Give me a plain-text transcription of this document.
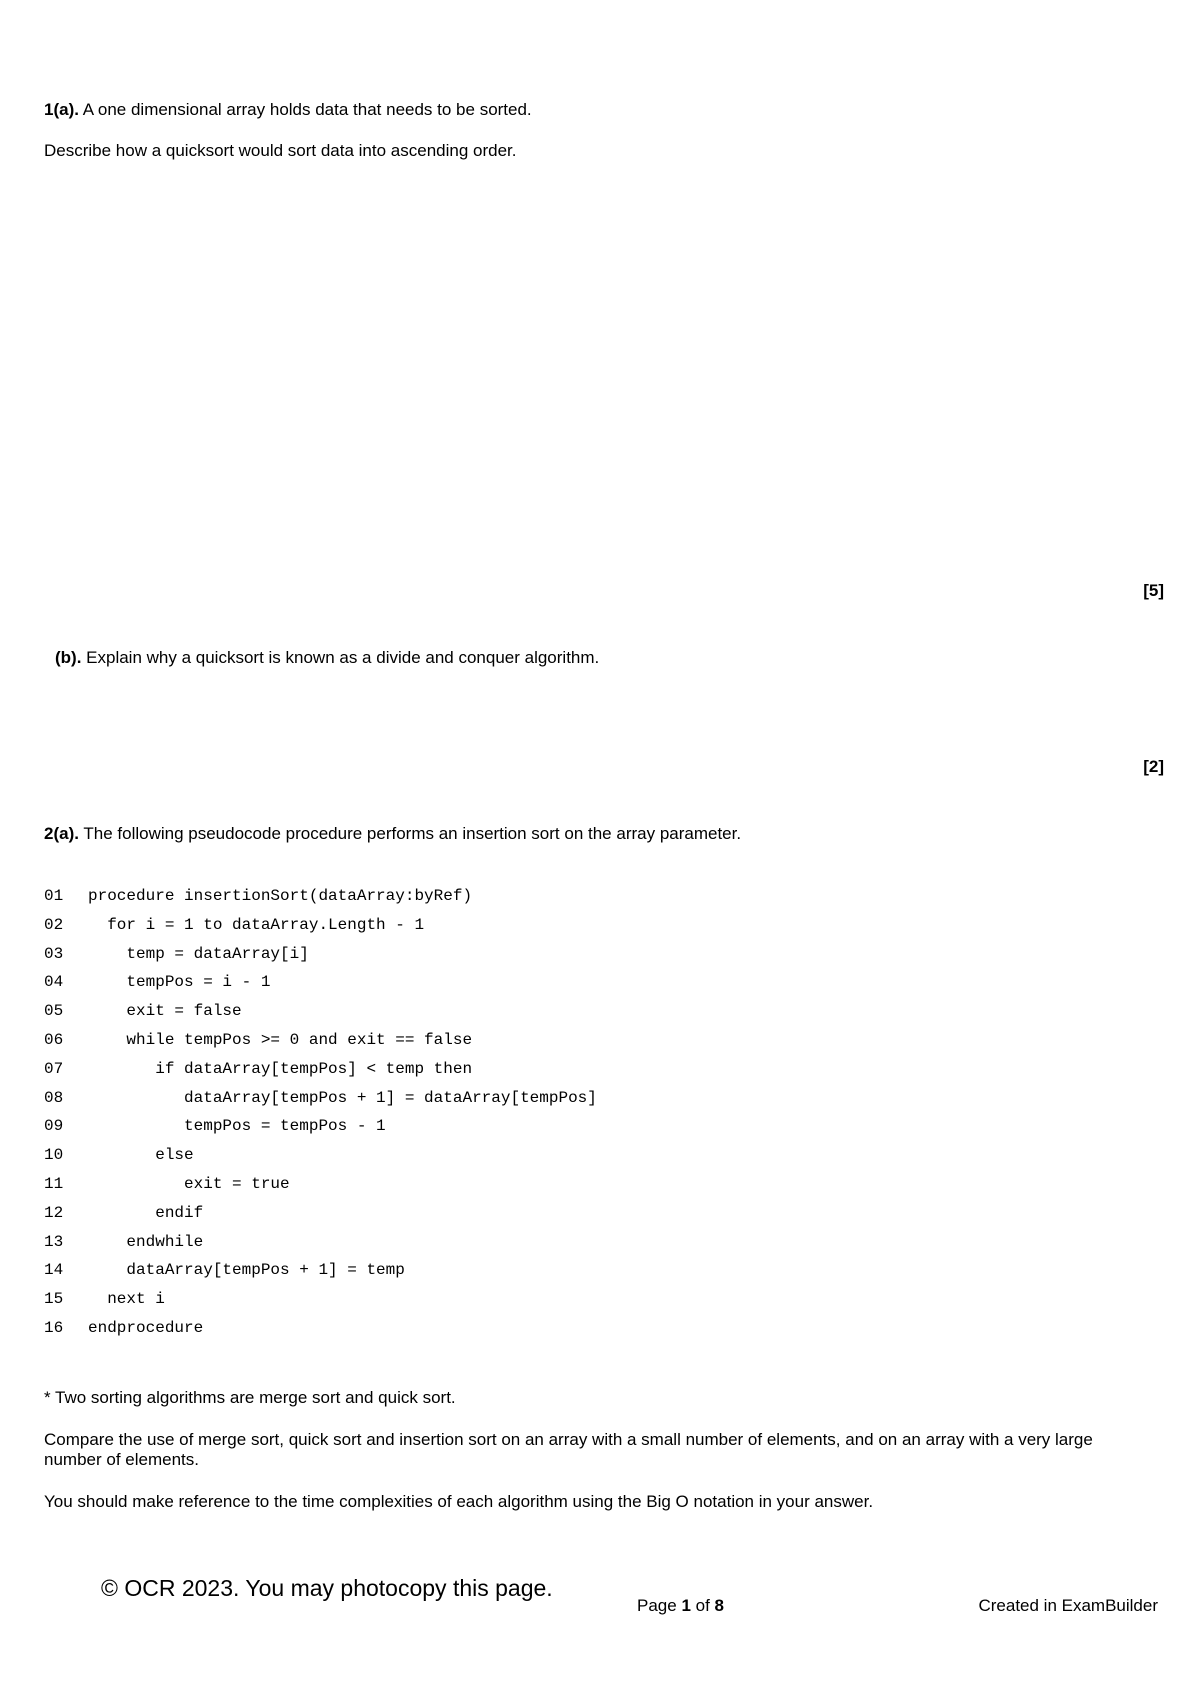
1(a). A one dimensional array holds data that needs to be sorted.
Describe how a quicksort would sort data into ascending order.
[5]
(b). Explain why a quicksort is known as a divide and conquer algorithm.
[2]
2(a). The following pseudocode procedure performs an insertion sort on the array parameter.
01 procedure insertionSort(dataArray:byRef)
02  for i = 1 to dataArray.Length - 1
03    temp = dataArray[i]
04    tempPos = i - 1
05    exit = false
06    while tempPos >= 0 and exit == false
07       if dataArray[tempPos] < temp then
08          dataArray[tempPos + 1] = dataArray[tempPos]
09          tempPos = tempPos - 1
10       else
11          exit = true
12       endif
13    endwhile
14    dataArray[tempPos + 1] = temp
15  next i
16 endprocedure
* Two sorting algorithms are merge sort and quick sort.
Compare the use of merge sort, quick sort and insertion sort on an array with a small number of elements, and on an array with a very large number of elements.
You should make reference to the time complexities of each algorithm using the Big O notation in your answer.
© OCR 2023. You may photocopy this page.
Page 1 of 8	Created in ExamBuilder
